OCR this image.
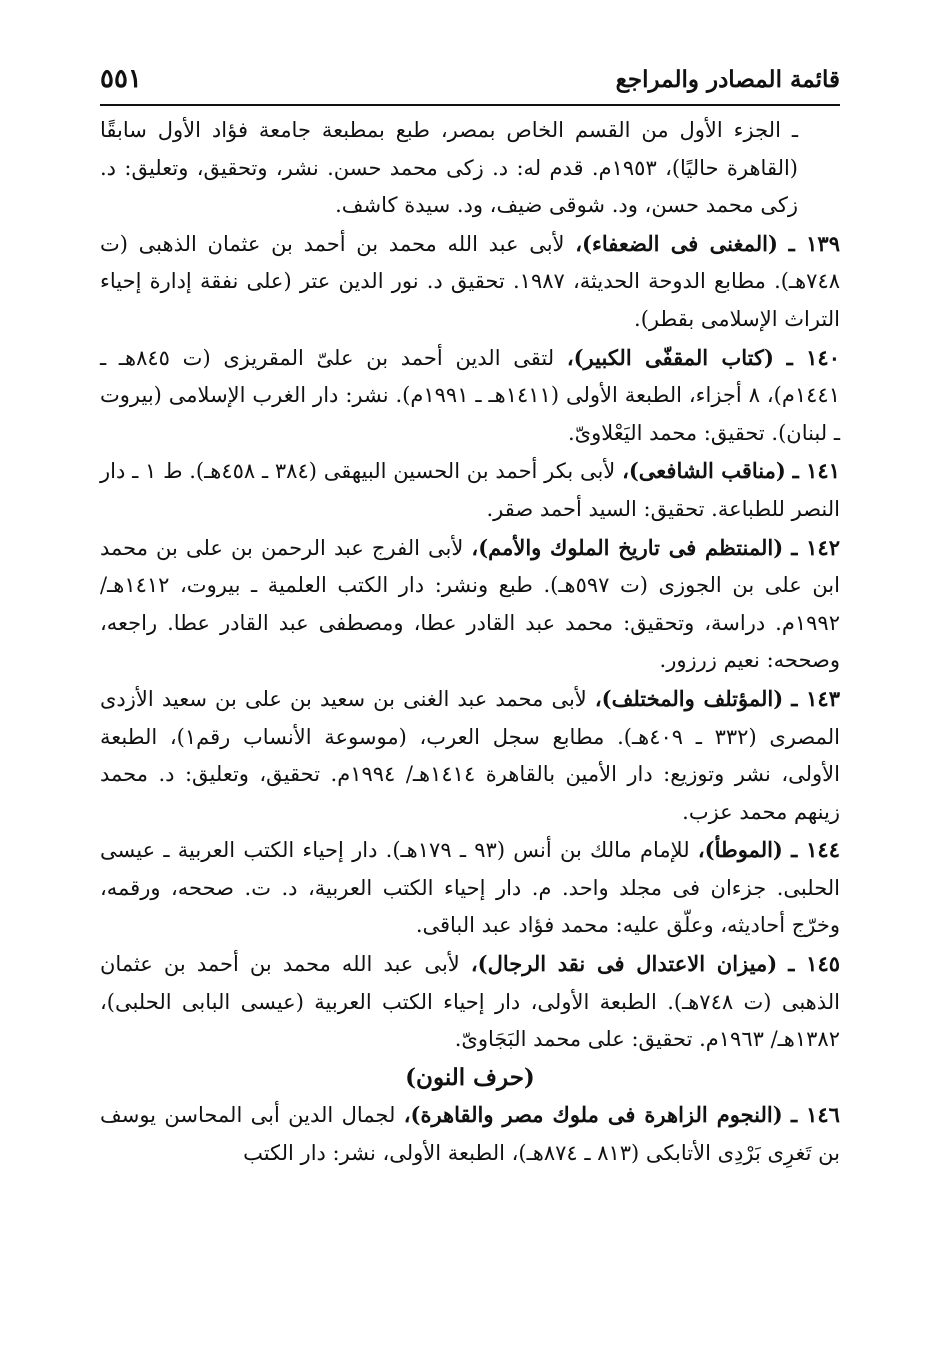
قائمة المصادر والمراجع
٥٥١

ـ الجزء الأول من القسم الخاص بمصر، طبع بمطبعة جامعة فؤاد الأول سابقًا (القاهرة حاليًا)، ١٩٥٣م. قدم له: د. زكى محمد حسن. نشر، وتحقيق، وتعليق: د. زكى محمد حسن، ود. شوقى ضيف، ود. سيدة كاشف.

١٣٩ ـ (المغنى فى الضعفاء)، لأبى عبد الله محمد بن أحمد بن عثمان الذهبى (ت ٧٤٨هـ). مطابع الدوحة الحديثة، ١٩٨٧. تحقيق د. نور الدين عتر (على نفقة إدارة إحياء التراث الإسلامى بقطر).

١٤٠ ـ (كتاب المقفّى الكبير)، لتقى الدين أحمد بن علىّ المقريزى (ت ٨٤٥هـ ـ ١٤٤١م)، ٨ أجزاء، الطبعة الأولى (١٤١١هـ ـ ١٩٩١م). نشر: دار الغرب الإسلامى (بيروت ـ لبنان). تحقيق: محمد اليَعْلاوىّ.

١٤١ ـ (مناقب الشافعى)، لأبى بكر أحمد بن الحسين البيهقى (٣٨٤ ـ ٤٥٨هـ). ط ١ ـ دار النصر للطباعة. تحقيق: السيد أحمد صقر.

١٤٢ ـ (المنتظم فى تاريخ الملوك والأمم)، لأبى الفرج عبد الرحمن بن على بن محمد ابن على بن الجوزى (ت ٥٩٧هـ). طبع ونشر: دار الكتب العلمية ـ بيروت، ١٤١٢هـ/ ١٩٩٢م. دراسة، وتحقيق: محمد عبد القادر عطا، ومصطفى عبد القادر عطا. راجعه، وصححه: نعيم زرزور.

١٤٣ ـ (المؤتلف والمختلف)، لأبى محمد عبد الغنى بن سعيد بن على بن سعيد الأزدى المصرى (٣٣٢ ـ ٤٠٩هـ). مطابع سجل العرب، (موسوعة الأنساب رقم١)، الطبعة الأولى، نشر وتوزيع: دار الأمين بالقاهرة ١٤١٤هـ/ ١٩٩٤م. تحقيق، وتعليق: د. محمد زينهم محمد عزب.

١٤٤ ـ (الموطأ)، للإمام مالك بن أنس (٩٣ ـ ١٧٩هـ). دار إحياء الكتب العربية ـ عيسى الحلبى. جزءان فى مجلد واحد. م. دار إحياء الكتب العربية، د. ت. صححه، ورقمه، وخرّج أحاديثه، وعلّق عليه: محمد فؤاد عبد الباقى.

١٤٥ ـ (ميزان الاعتدال فى نقد الرجال)، لأبى عبد الله محمد بن أحمد بن عثمان الذهبى (ت ٧٤٨هـ). الطبعة الأولى، دار إحياء الكتب العربية (عيسى البابى الحلبى)، ١٣٨٢هـ/ ١٩٦٣م. تحقيق: على محمد البَجَاوىّ.

(حرف النون)

١٤٦ ـ (النجوم الزاهرة فى ملوك مصر والقاهرة)، لجمال الدين أبى المحاسن يوسف بن تَغرِى بَرْدِى الأتابكى (٨١٣ ـ ٨٧٤هـ)، الطبعة الأولى، نشر: دار الكتب
